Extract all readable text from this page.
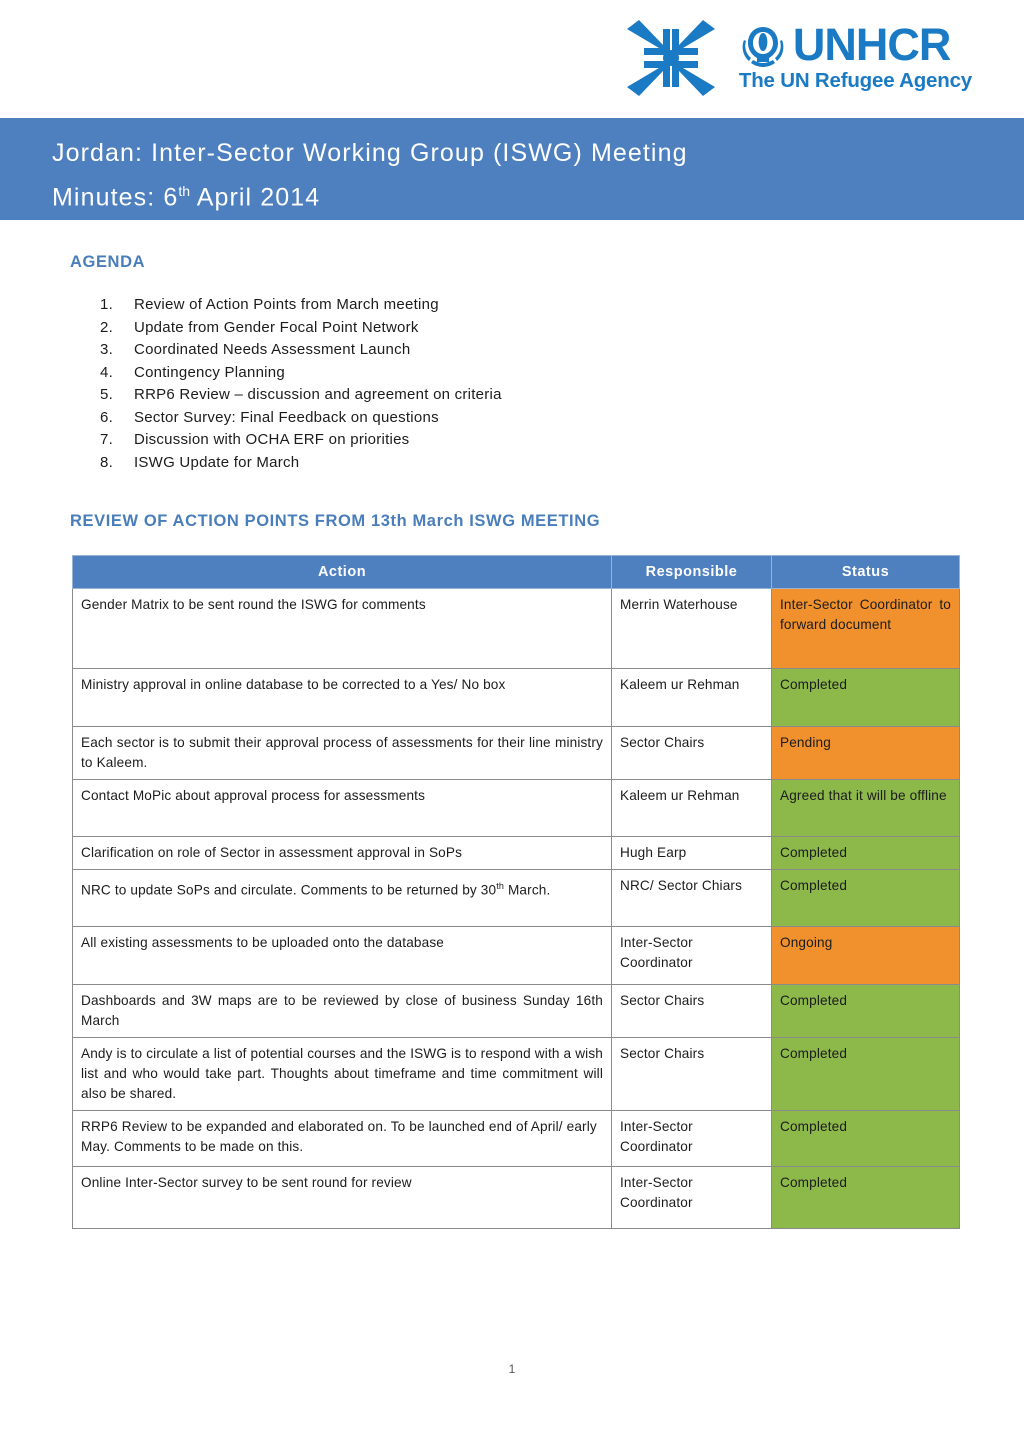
UNHCR
The UN Refugee Agency
Jordan: Inter-Sector Working Group (ISWG) Meeting
Minutes: 6th April 2014
AGENDA
1.	Review of Action Points from March meeting
2.	Update from Gender Focal Point Network
3.	Coordinated Needs Assessment Launch
4.	Contingency Planning
5.	RRP6 Review – discussion and agreement on criteria
6.	Sector Survey: Final Feedback on questions
7.	Discussion with OCHA ERF on priorities
8.	ISWG Update for March
REVIEW OF ACTION POINTS FROM 13th March ISWG MEETING
Action	Responsible	Status
Gender Matrix to be sent round the ISWG for comments	Merrin Waterhouse	Inter-Sector Coordinator to forward document
Ministry approval in online database to be corrected to a Yes/ No box	Kaleem ur Rehman	Completed
Each sector is to submit their approval process of assessments for their line ministry to Kaleem.	Sector Chairs	Pending
Contact MoPic about approval process for assessments	Kaleem ur Rehman	Agreed that it will be offline
Clarification on role of Sector in assessment approval in SoPs	Hugh Earp	Completed
NRC to update SoPs and circulate. Comments to be returned by 30th March.	NRC/ Sector Chiars	Completed
All existing assessments to be uploaded onto the database	Inter-Sector Coordinator	Ongoing
Dashboards and 3W maps are to be reviewed by close of business Sunday 16th March	Sector Chairs	Completed
Andy is to circulate a list of potential courses and the ISWG is to respond with a wish list and who would take part. Thoughts about timeframe and time commitment will also be shared.	Sector Chairs	Completed
RRP6 Review to be expanded and elaborated on. To be launched end of April/ early May. Comments to be made on this.	Inter-Sector Coordinator	Completed
Online Inter-Sector survey to be sent round for review	Inter-Sector Coordinator	Completed
1
